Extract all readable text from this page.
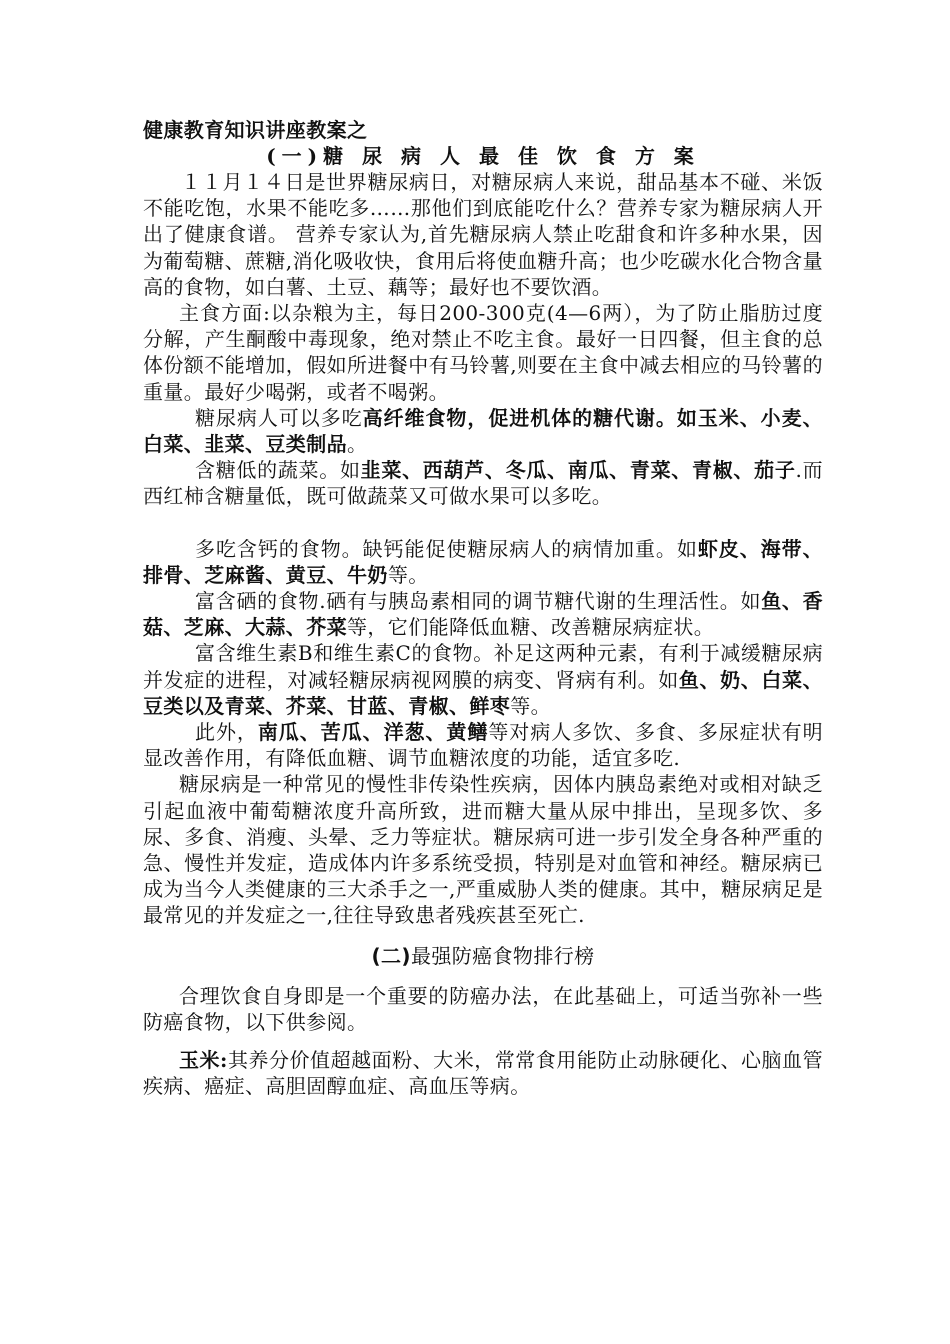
健康教育知识讲座教案之

(一)糖 尿 病 人 最 佳 饮 食 方 案

１１月１４日是世界糖尿病日，对糖尿病人来说，甜品基本不碰、米饭不能吃饱，水果不能吃多……那他们到底能吃什么？营养专家为糖尿病人开出了健康食谱。 营养专家认为,首先糖尿病人禁止吃甜食和许多种水果，因为葡萄糖、蔗糖,消化吸收快，食用后将使血糖升高；也少吃碳水化合物含量高的食物，如白薯、土豆、藕等；最好也不要饮酒。

主食方面:以杂粮为主，每日200-300克(4—6两），为了防止脂肪过度分解，产生酮酸中毒现象，绝对禁止不吃主食。最好一日四餐，但主食的总体份额不能增加，假如所进餐中有马铃薯,则要在主食中减去相应的马铃薯的重量。最好少喝粥，或者不喝粥。

糖尿病人可以多吃高纤维食物，促进机体的糖代谢。如玉米、小麦、白菜、韭菜、豆类制品。

含糖低的蔬菜。如韭菜、西葫芦、冬瓜、南瓜、青菜、青椒、茄子.而西红柿含糖量低，既可做蔬菜又可做水果可以多吃。

多吃含钙的食物。缺钙能促使糖尿病人的病情加重。如虾皮、海带、排骨、芝麻酱、黄豆、牛奶等。

富含硒的食物.硒有与胰岛素相同的调节糖代谢的生理活性。如鱼、香菇、芝麻、大蒜、芥菜等，它们能降低血糖、改善糖尿病症状。

富含维生素B和维生素C的食物。补足这两种元素，有利于减缓糖尿病并发症的进程，对减轻糖尿病视网膜的病变、肾病有利。如鱼、奶、白菜、豆类以及青菜、芥菜、甘蓝、青椒、鲜枣等。

此外，南瓜、苦瓜、洋葱、黄鳝等对病人多饮、多食、多尿症状有明显改善作用，有降低血糖、调节血糖浓度的功能，适宜多吃.

糖尿病是一种常见的慢性非传染性疾病，因体内胰岛素绝对或相对缺乏引起血液中葡萄糖浓度升高所致，进而糖大量从尿中排出，呈现多饮、多尿、多食、消瘦、头晕、乏力等症状。糖尿病可进一步引发全身各种严重的急、慢性并发症，造成体内许多系统受损，特别是对血管和神经。糖尿病已成为当今人类健康的三大杀手之一,严重威胁人类的健康。其中，糖尿病足是最常见的并发症之一,往往导致患者残疾甚至死亡.

(二)最强防癌食物排行榜

合理饮食自身即是一个重要的防癌办法，在此基础上，可适当弥补一些防癌食物，以下供参阅。

玉米:其养分价值超越面粉、大米，常常食用能防止动脉硬化、心脑血管疾病、癌症、高胆固醇血症、高血压等病。
